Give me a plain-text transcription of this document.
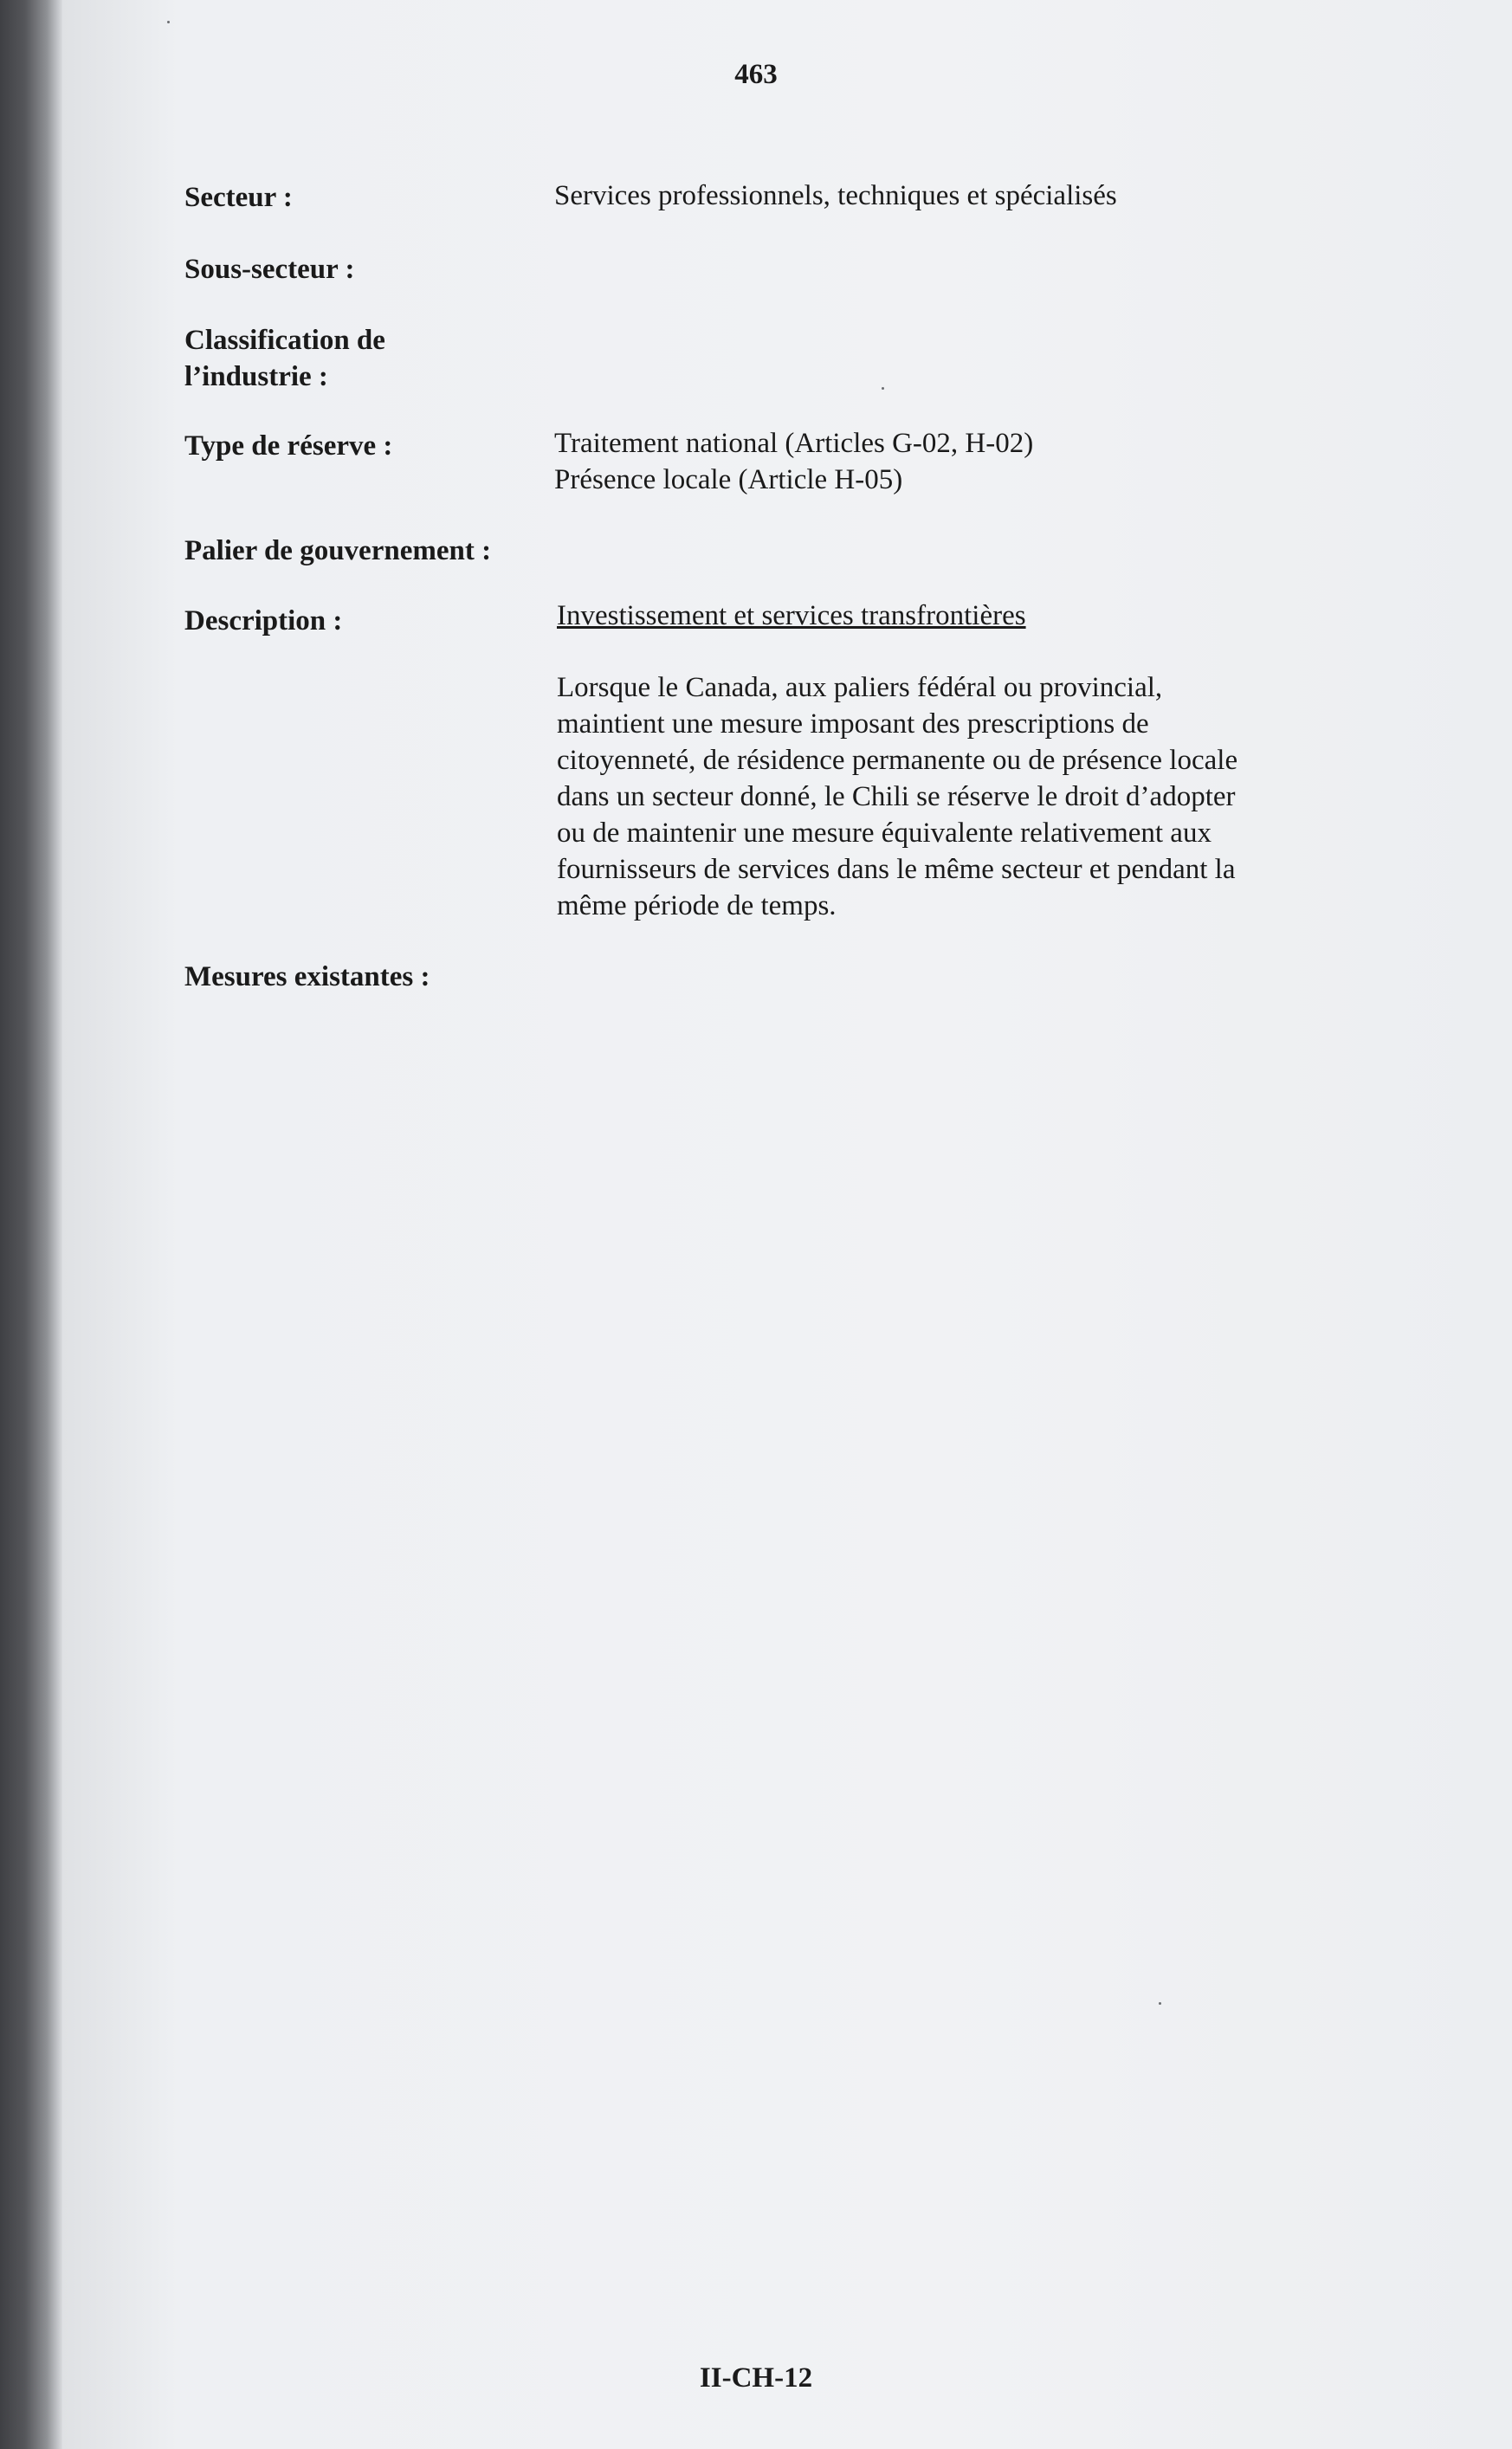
463
Secteur :	Services professionnels, techniques et spécialisés
Sous-secteur :
Classification de
l’industrie :
Type de réserve :	Traitement national (Articles G-02, H-02)
Présence locale (Article H-05)
Palier de gouvernement :
Description :	Investissement et services transfrontières
Lorsque le Canada, aux paliers fédéral ou provincial,
maintient une mesure imposant des prescriptions de
citoyenneté, de résidence permanente ou de présence locale
dans un secteur donné, le Chili se réserve le droit d’adopter
ou de maintenir une mesure équivalente relativement aux
fournisseurs de services dans le même secteur et pendant la
même période de temps.
Mesures existantes :
II-CH-12
